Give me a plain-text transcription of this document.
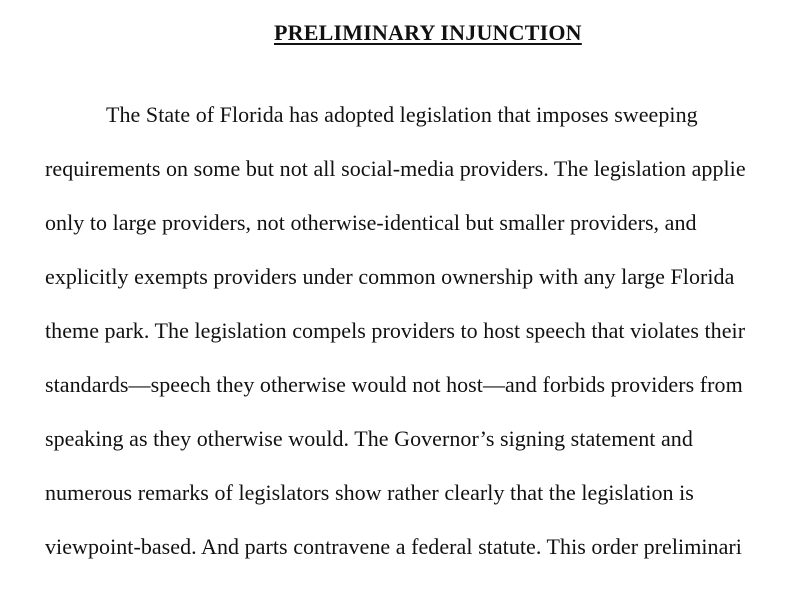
PRELIMINARY INJUNCTION
The State of Florida has adopted legislation that imposes sweeping
requirements on some but not all social-media providers. The legislation applie
only to large providers, not otherwise-identical but smaller providers, and
explicitly exempts providers under common ownership with any large Florida
theme park. The legislation compels providers to host speech that violates their
standards—speech they otherwise would not host—and forbids providers from
speaking as they otherwise would. The Governor’s signing statement and
numerous remarks of legislators show rather clearly that the legislation is
viewpoint-based. And parts contravene a federal statute. This order preliminari
